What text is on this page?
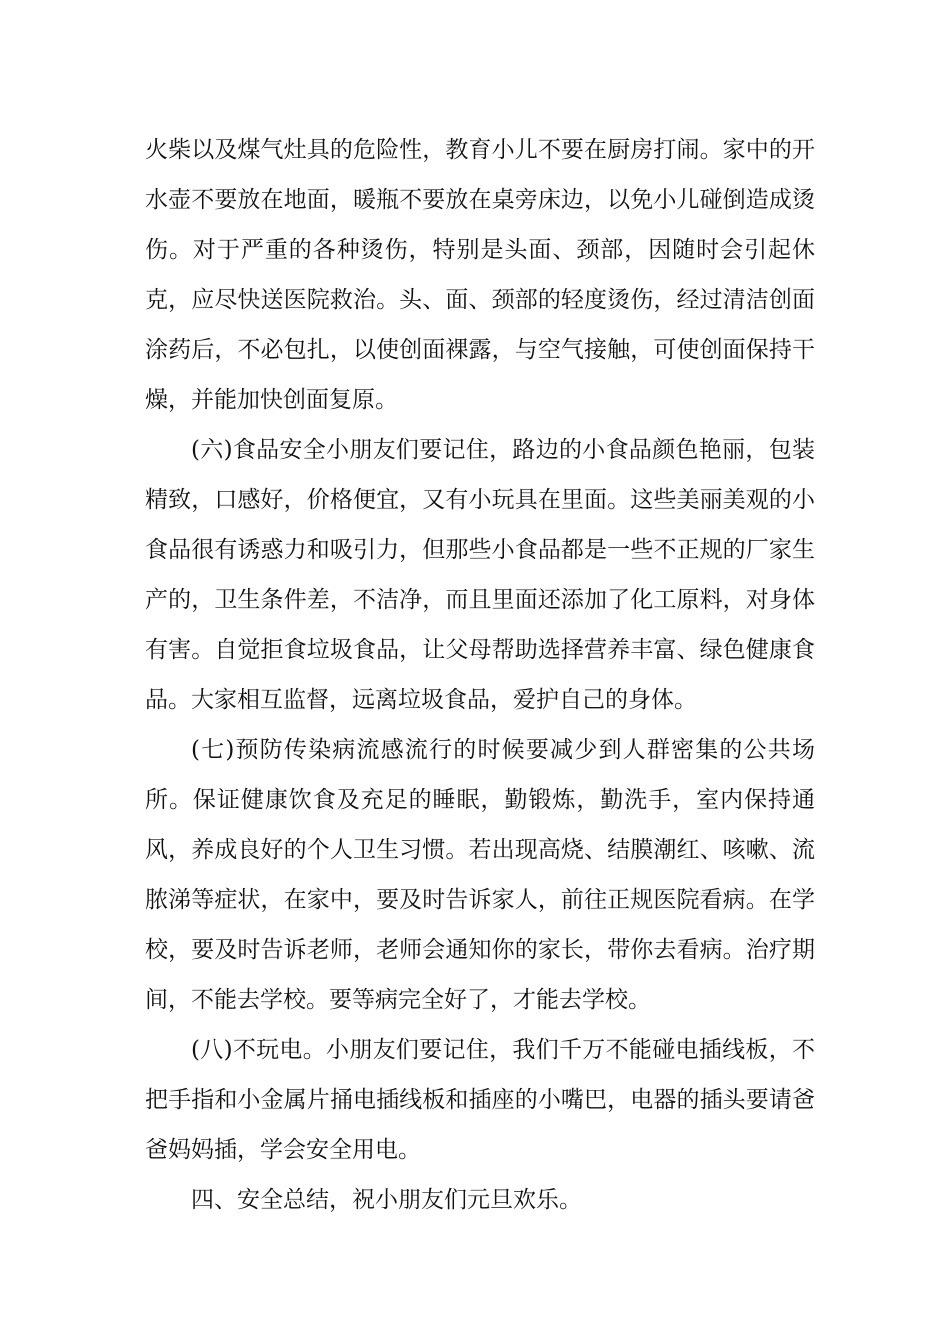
火柴以及煤气灶具的危险性，教育小儿不要在厨房打闹。家中的开水壶不要放在地面，暖瓶不要放在桌旁床边，以免小儿碰倒造成烫伤。对于严重的各种烫伤，特别是头面、颈部，因随时会引起休克，应尽快送医院救治。头、面、颈部的轻度烫伤，经过清洁创面涂药后，不必包扎，以使创面裸露，与空气接触，可使创面保持干燥，并能加快创面复原。

(六)食品安全小朋友们要记住，路边的小食品颜色艳丽，包装精致，口感好，价格便宜，又有小玩具在里面。这些美丽美观的小食品很有诱惑力和吸引力，但那些小食品都是一些不正规的厂家生产的，卫生条件差，不洁净，而且里面还添加了化工原料，对身体有害。自觉拒食垃圾食品，让父母帮助选择营养丰富、绿色健康食品。大家相互监督，远离垃圾食品，爱护自己的身体。

(七)预防传染病流感流行的时候要减少到人群密集的公共场所。保证健康饮食及充足的睡眠，勤锻炼，勤洗手，室内保持通风，养成良好的个人卫生习惯。若出现高烧、结膜潮红、咳嗽、流脓涕等症状，在家中，要及时告诉家人，前往正规医院看病。在学校，要及时告诉老师，老师会通知你的家长，带你去看病。治疗期间，不能去学校。要等病完全好了，才能去学校。

(八)不玩电。小朋友们要记住，我们千万不能碰电插线板，不把手指和小金属片捅电插线板和插座的小嘴巴，电器的插头要请爸爸妈妈插，学会安全用电。

四、安全总结，祝小朋友们元旦欢乐。
